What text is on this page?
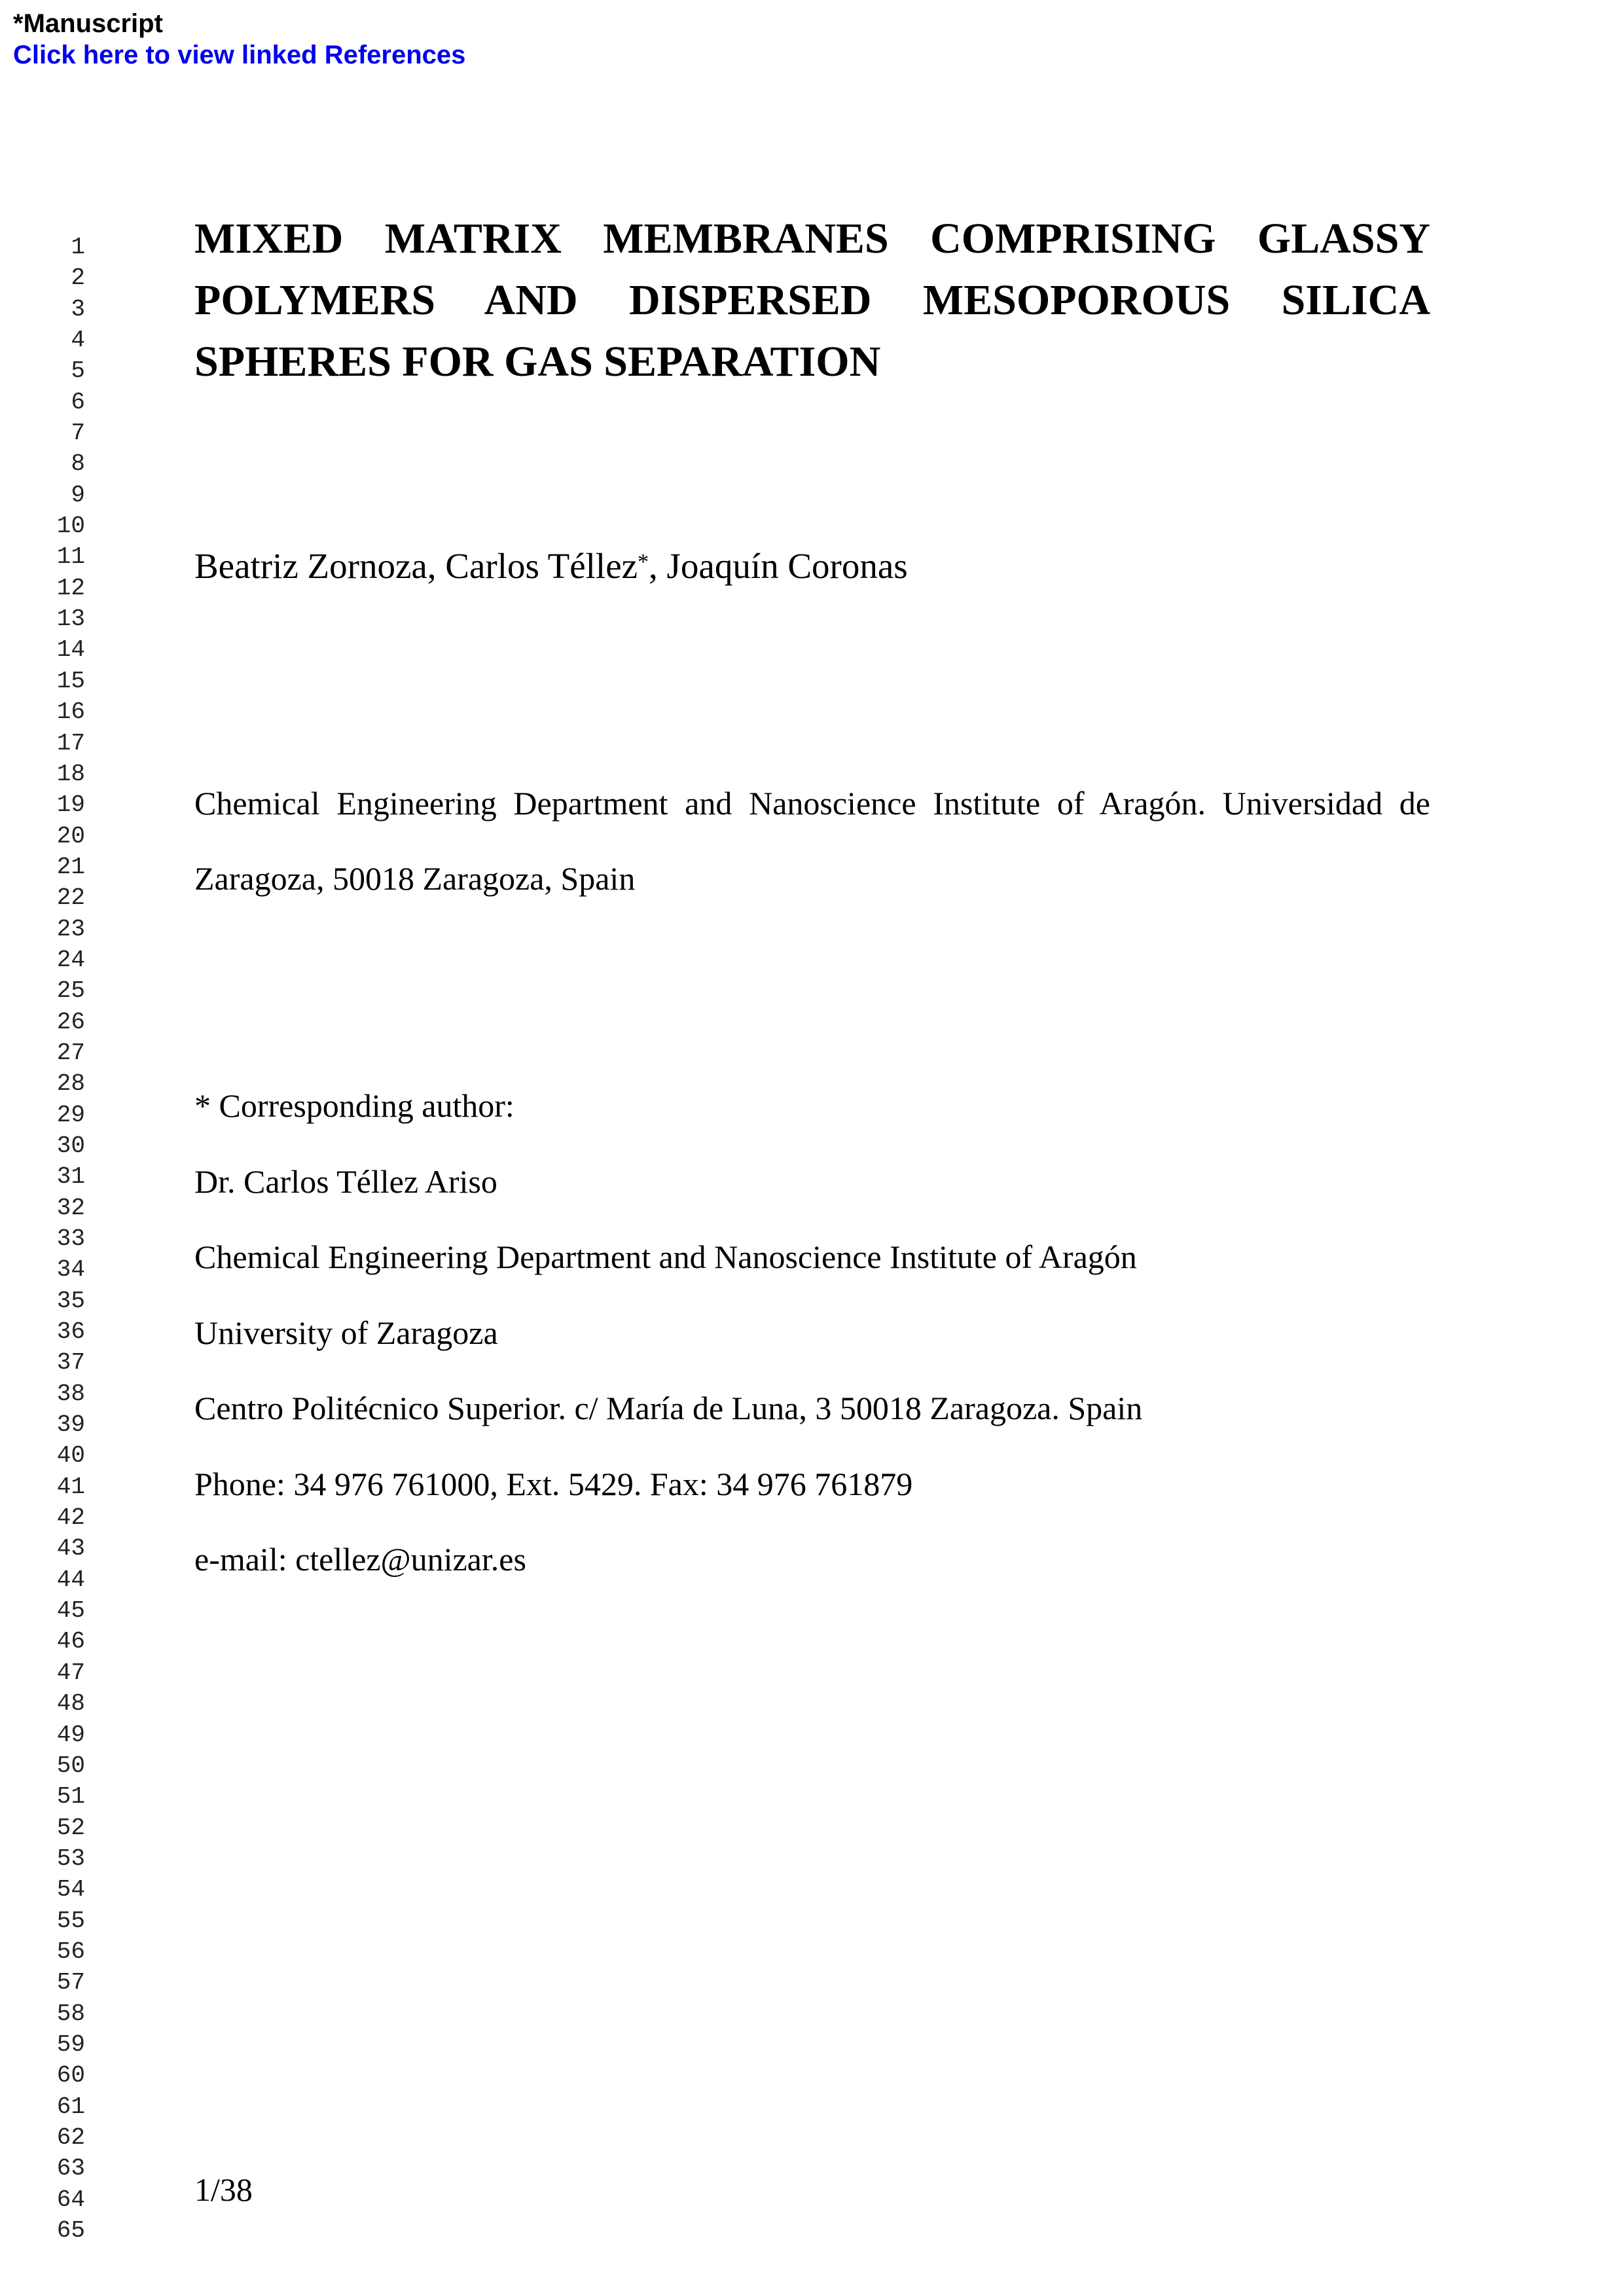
*Manuscript
Click here to view linked References
1
2
3
4
5
6
7
8
9
10
11
12
13
14
15
16
17
18
19
20
21
22
23
24
25
26
27
28
29
30
31
32
33
34
35
36
37
38
39
40
41
42
43
44
45
46
47
48
49
50
51
52
53
54
55
56
57
58
59
60
61
62
63
64
65
MIXED MATRIX MEMBRANES COMPRISING GLASSY
POLYMERS AND DISPERSED MESOPOROUS SILICA
SPHERES FOR GAS SEPARATION
Beatriz Zornoza, Carlos Téllez*, Joaquín Coronas
Chemical Engineering Department and Nanoscience Institute of Aragón. Universidad de
Zaragoza, 50018 Zaragoza, Spain
* Corresponding author:
Dr. Carlos Téllez Ariso
Chemical Engineering Department and Nanoscience Institute of Aragón
University of Zaragoza
Centro Politécnico Superior. c/ María de Luna, 3 50018 Zaragoza. Spain
Phone: 34 976 761000, Ext. 5429. Fax: 34 976 761879
e-mail: ctellez@unizar.es
1/38
